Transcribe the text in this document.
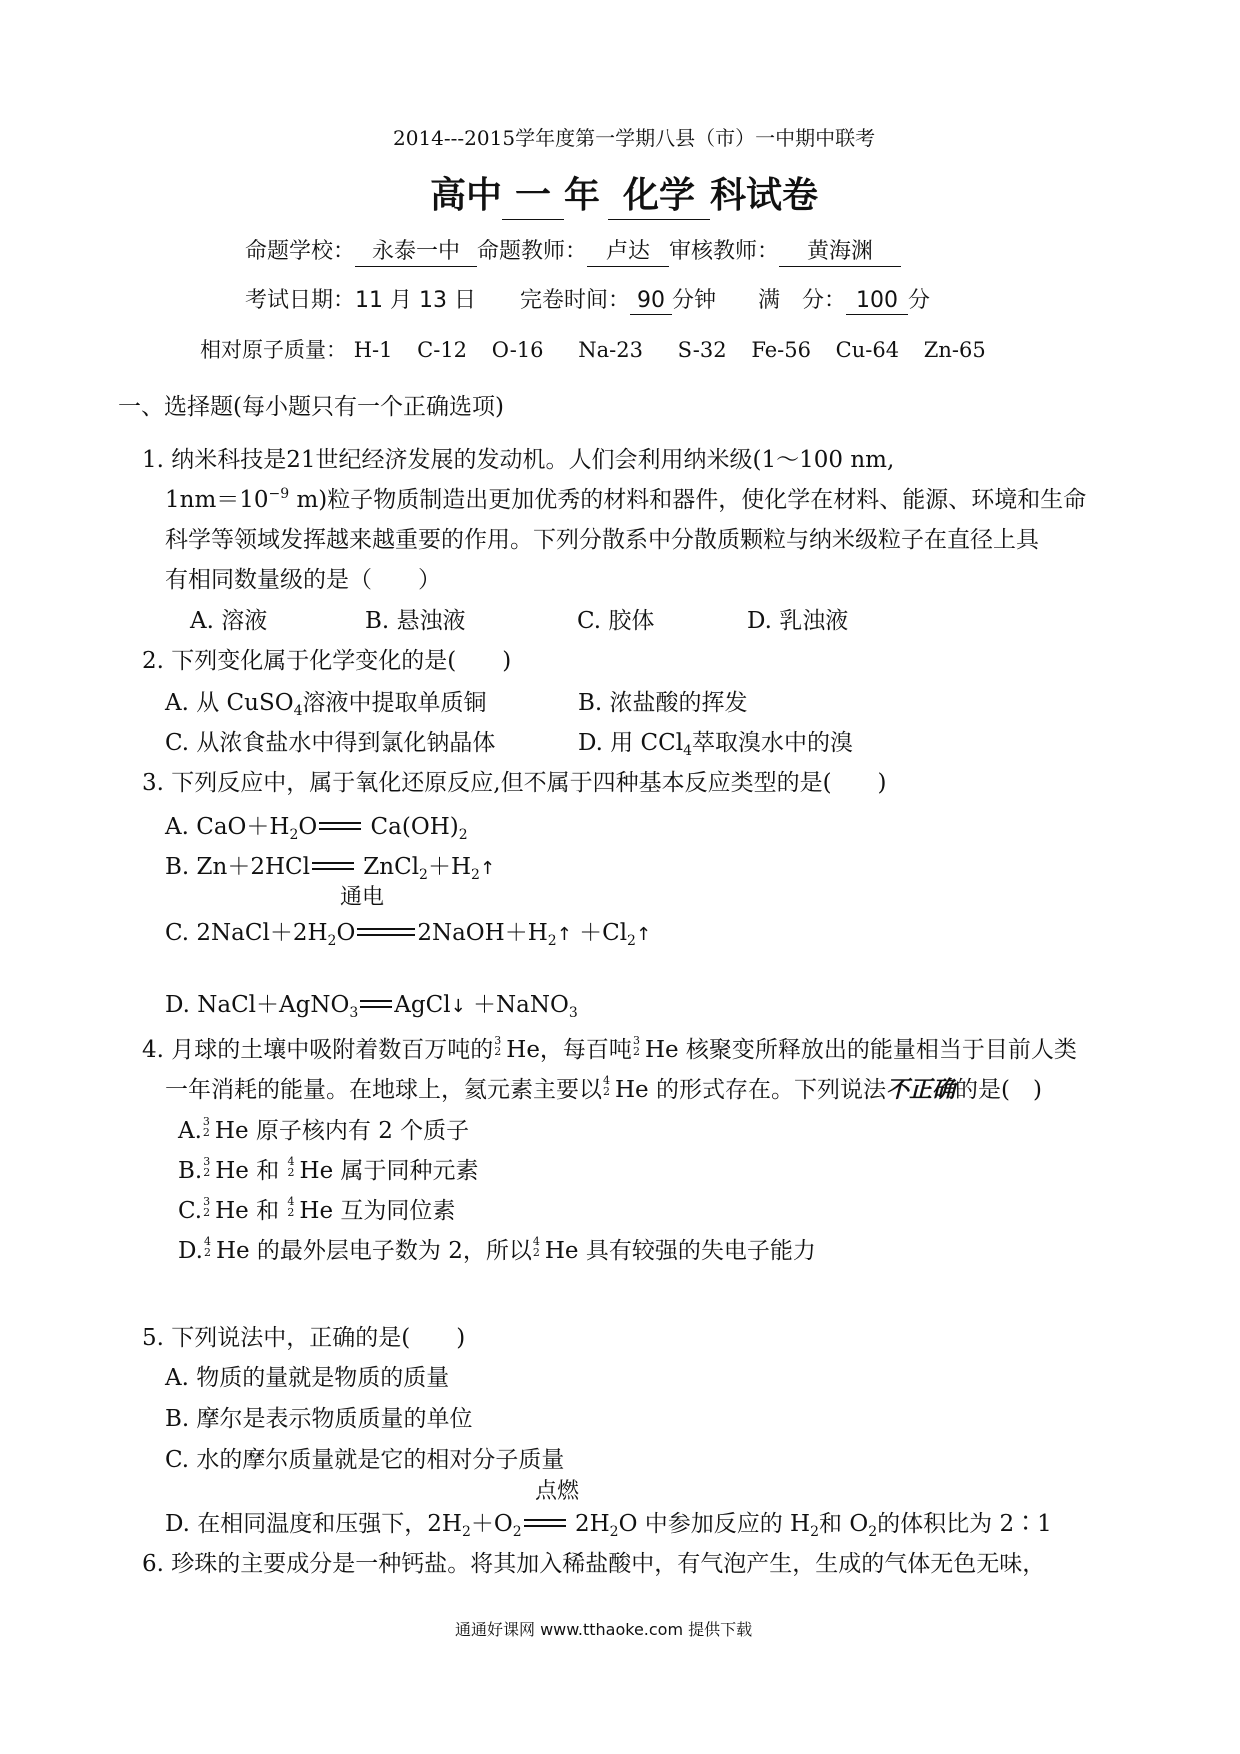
2014---2015学年度第一学期八县（市）一中期中联考
高中 一 年 化学 科试卷
命题学校： 永泰一中 命题教师： 卢达 审核教师： 黄海渊
考试日期：11 月 13 日 完卷时间： 90 分钟 满　分： 100 分
相对原子质量： H-1 C-12 O-16 Na-23 S-32 Fe-56 Cu-64 Zn-65
一、选择题(每小题只有一个正确选项)
1. 纳米科技是21世纪经济发展的发动机。人们会利用纳米级(1～100 nm,
$1nm=10^{-9}$ m)粒子物质制造出更加优秀的材料和器件，使化学在材料、能源、环境和生命
科学等领域发挥越来越重要的作用。下列分散系中分散质颗粒与纳米级粒子在直径上具
有相同数量级的是（　　）
A. 溶液	B. 悬浊液	C. 胶体	D. 乳浊液
2. 下列变化属于化学变化的是(　　)
A. 从 CuSO$_4$溶液中提取单质铜	B. 浓盐酸的挥发
C. 从浓食盐水中得到氯化钠晶体	D. 用 CCl$_4$萃取溴水中的溴
3. 下列反应中，属于氧化还原反应,但不属于四种基本反应类型的是(　　)
A. $CaO+H_2O$ $Ca(OH)_2$
B. Zn＋2HCl $ZnCl_2+H_2↑$
通电
C. $2NaCl+2H_2O$	$2NaOH+H_2↑$ $+Cl_2↑$
D. NaCl＋AgNO$_3$ AgCl↓ ＋NaNO$_3$
4. 月球的土壤中吸附着数百万吨的 3
2 He，每百吨 3
2 He 核聚变所释放出的能量相当于目前人类
一年消耗的能量。在地球上，氦元素主要以 4
2 He 的形式存在。下列说法不正确的是(　)
A. 3
2 He 原子核内有 2 个质子
B. 3
2 He 和 4
2 He 属于同种元素
C. 3
2 He 和 4
2 He 互为同位素
D. 4
2 He 的最外层电子数为 2，所以 4
2 He 具有较强的失电子能力
5. 下列说法中，正确的是(　　)
A. 物质的量就是物质的质量
B. 摩尔是表示物质质量的单位
C. 水的摩尔质量就是它的相对分子质量
点燃
D. 在相同温度和压强下，$2H_2+O_2$ $2H_2O$ 中参加反应的 $H_2$和 $O_2$的体积比为 2∶1
6. 珍珠的主要成分是一种钙盐。将其加入稀盐酸中，有气泡产生，生成的气体无色无味，
通通好课网 www.tthaoke.com 提供下载
